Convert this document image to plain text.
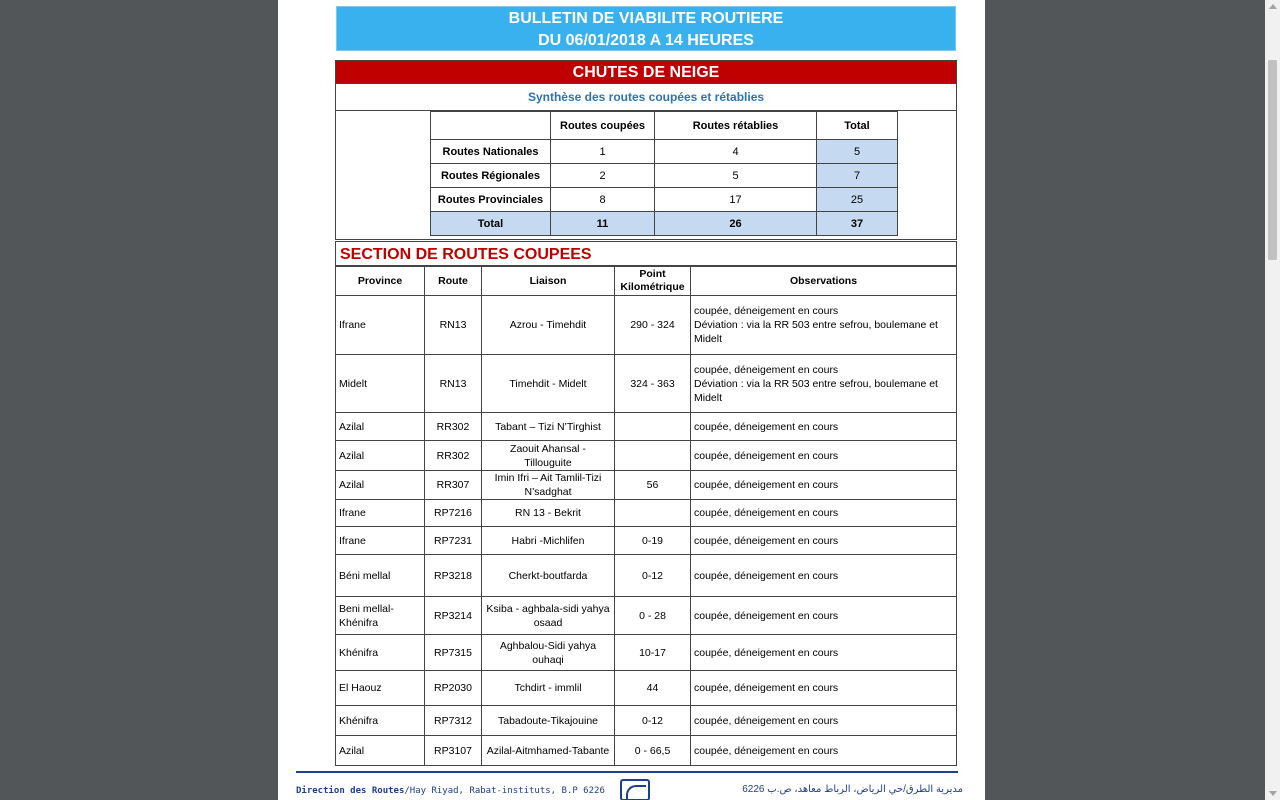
BULLETIN DE VIABILITE ROUTIERE
DU 06/01/2018 A 14 HEURES
CHUTES DE NEIGE
Synthèse des routes coupées et rétablies
	Routes coupées	Routes rétablies	Total
Routes Nationales	1	4	5
Routes Régionales	2	5	7
Routes Provinciales	8	17	25
Total	11	26	37
SECTION DE ROUTES COUPEES
Province	Route	Liaison	Point Kilométrique	Observations
Ifrane	RN13	Azrou - Timehdit	290 - 324	coupée, déneigement en cours
Déviation : via la RR 503 entre sefrou, boulemane et Midelt

Midelt	RN13	Timehdit - Midelt	324 - 363	coupée, déneigement en cours
Déviation : via la RR 503 entre sefrou, boulemane et Midelt

Azilal	RR302	Tabant – Tizi N’Tirghist		coupée, déneigement en cours

Azilal	RR302	Zaouit Ahansal - Tillouguite		coupée, déneigement en cours

Azilal	RR307	Imin Ifri – Ait Tamlil-Tizi N’sadghat	56	coupée, déneigement en cours

Ifrane	RP7216	RN 13 - Bekrit		coupée, déneigement en cours

Ifrane	RP7231	Habri -Michlifen	0-19	coupée, déneigement en cours

Béni mellal	RP3218	Cherkt-boutfarda	0-12	coupée, déneigement en cours

Beni mellal-Khénifra	RP3214	Ksiba - aghbala-sidi yahya osaad	0 - 28	coupée, déneigement en cours

Khénifra	RP7315	Aghbalou-Sidi yahya ouhaqi	10-17	coupée, déneigement en cours

El Haouz	RP2030	Tchdirt - immlil	44	coupée, déneigement en cours

Khénifra	RP7312	Tabadoute-Tikajouine	0-12	coupée, déneigement en cours

Azilal	RP3107	Azilal-Aitmhamed-Tabante	0 - 66,5	coupée, déneigement en cours
Direction des Routes/Hay Riyad, Rabat-instituts, B.P 6226	مديرية الطرق/حي الرياض، الرباط معاهد، ص.ب 6226
